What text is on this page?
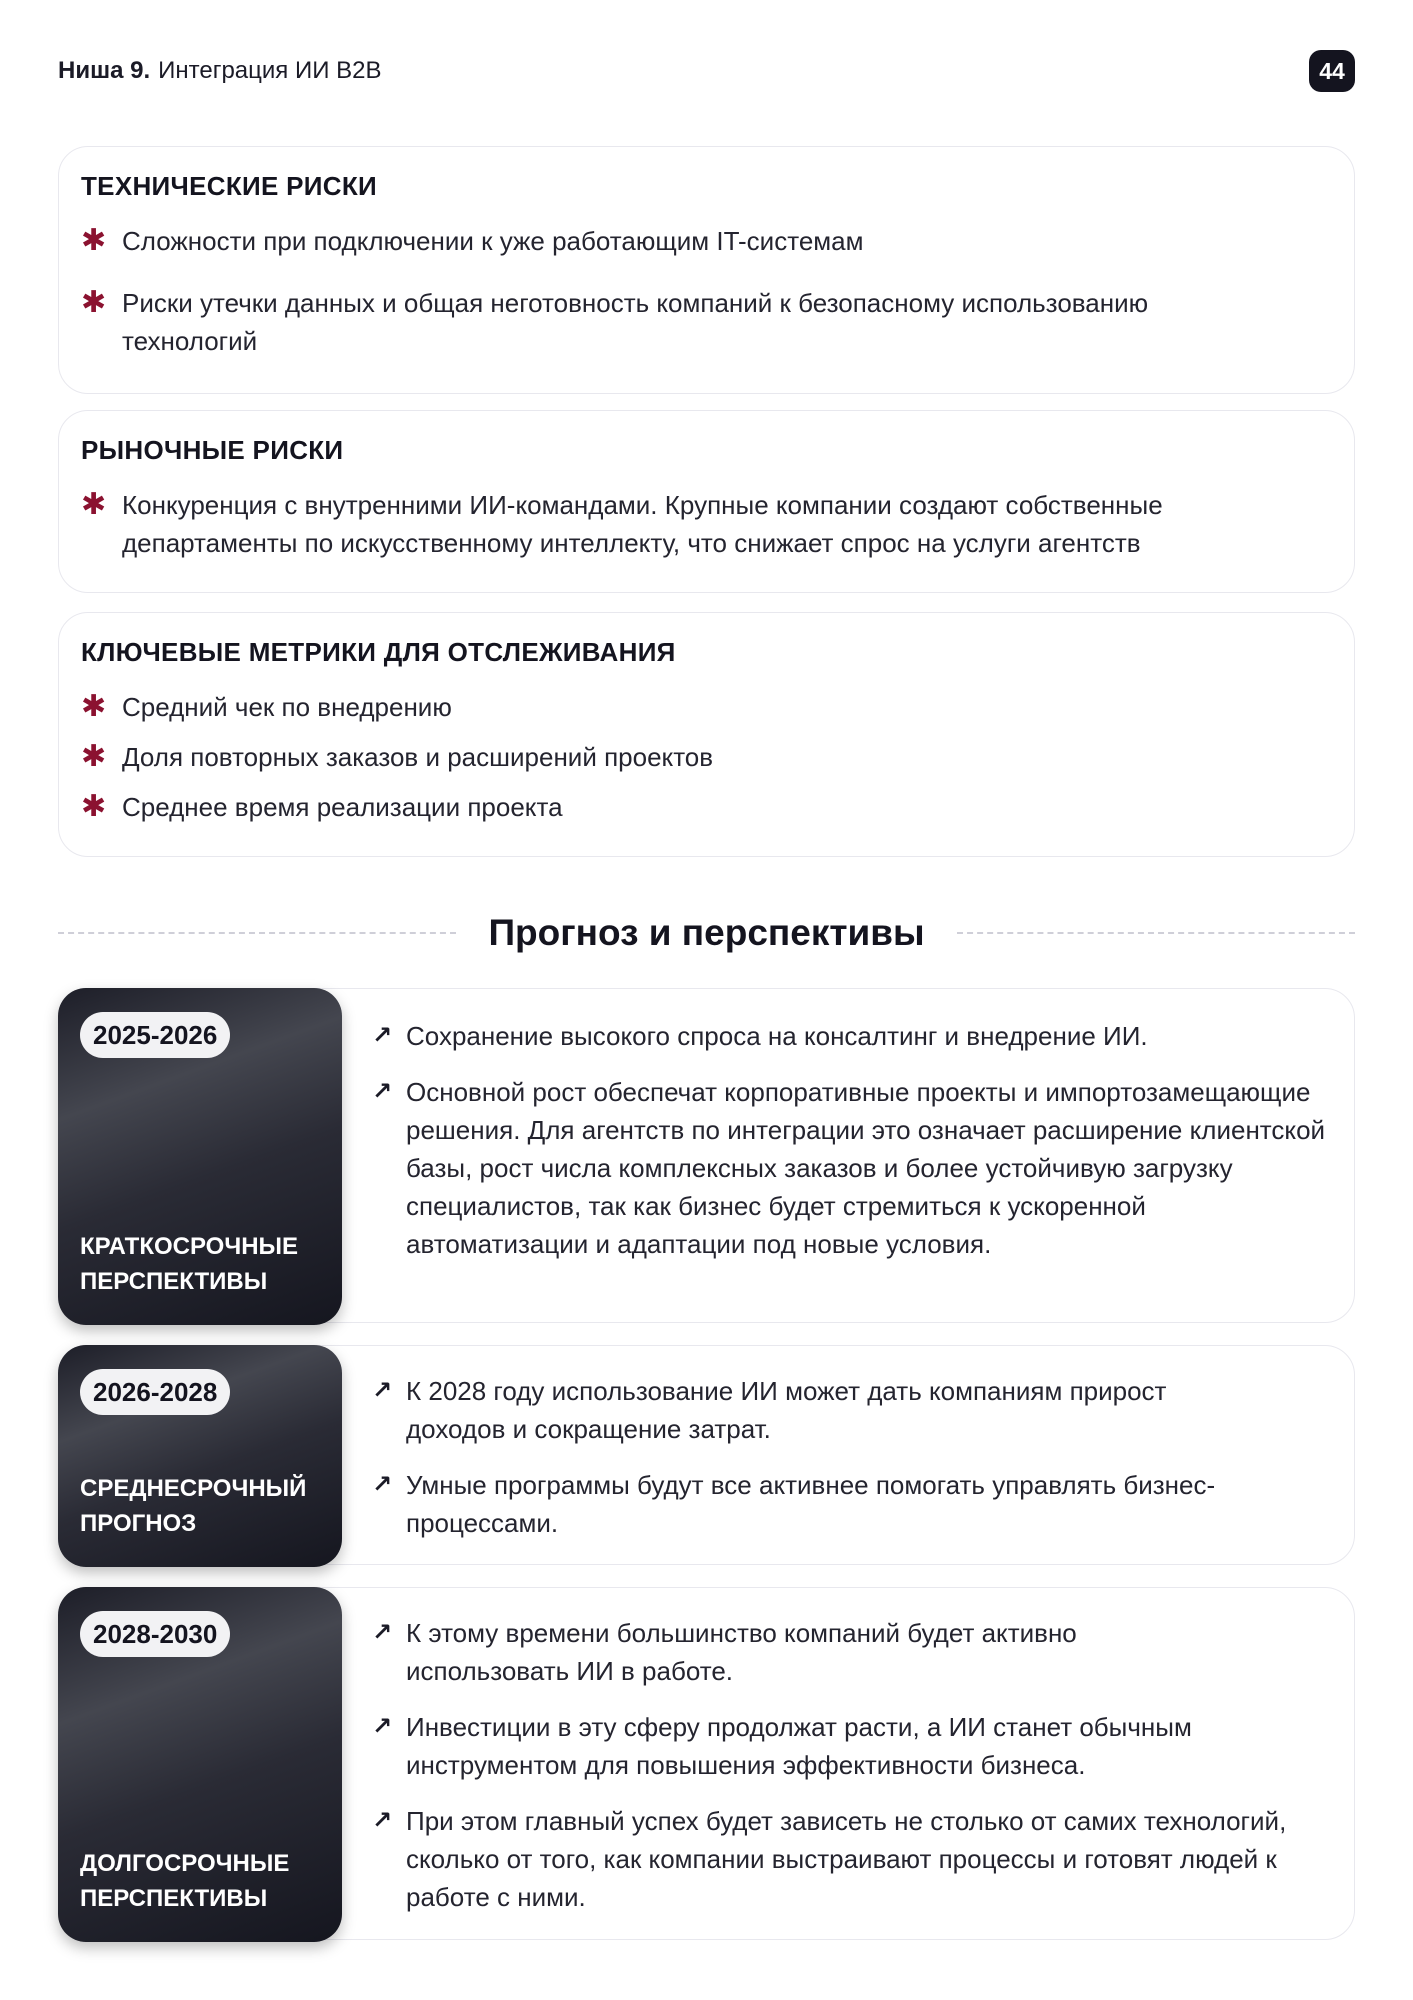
Ниша 9. Интеграция ИИ B2B	44
ТЕХНИЧЕСКИЕ РИСКИ
✱ Сложности при подключении к уже работающим IT-системам
✱ Риски утечки данных и общая неготовность компаний к безопасному использованию технологий
РЫНОЧНЫЕ РИСКИ
✱ Конкуренция с внутренними ИИ-командами. Крупные компании создают собственные департаменты по искусственному интеллекту, что снижает спрос на услуги агентств
КЛЮЧЕВЫЕ МЕТРИКИ ДЛЯ ОТСЛЕЖИВАНИЯ
✱ Средний чек по внедрению
✱ Доля повторных заказов и расширений проектов
✱ Среднее время реализации проекта
Прогноз и перспективы
2025-2026
КРАТКОСРОЧНЫЕ ПЕРСПЕКТИВЫ
↗ Сохранение высокого спроса на консалтинг и внедрение ИИ.
↗ Основной рост обеспечат корпоративные проекты и импортозамещающие решения. Для агентств по интеграции это означает расширение клиентской базы, рост числа комплексных заказов и более устойчивую загрузку специалистов, так как бизнес будет стремиться к ускоренной автоматизации и адаптации под новые условия.
2026-2028
СРЕДНЕСРОЧНЫЙ ПРОГНОЗ
↗ К 2028 году использование ИИ может дать компаниям прирост доходов и сокращение затрат.
↗ Умные программы будут все активнее помогать управлять бизнес-процессами.
2028-2030
ДОЛГОСРОЧНЫЕ ПЕРСПЕКТИВЫ
↗ К этому времени большинство компаний будет активно использовать ИИ в работе.
↗ Инвестиции в эту сферу продолжат расти, а ИИ станет обычным инструментом для повышения эффективности бизнеса.
↗ При этом главный успех будет зависеть не столько от самих технологий, сколько от того, как компании выстраивают процессы и готовят людей к работе с ними.
